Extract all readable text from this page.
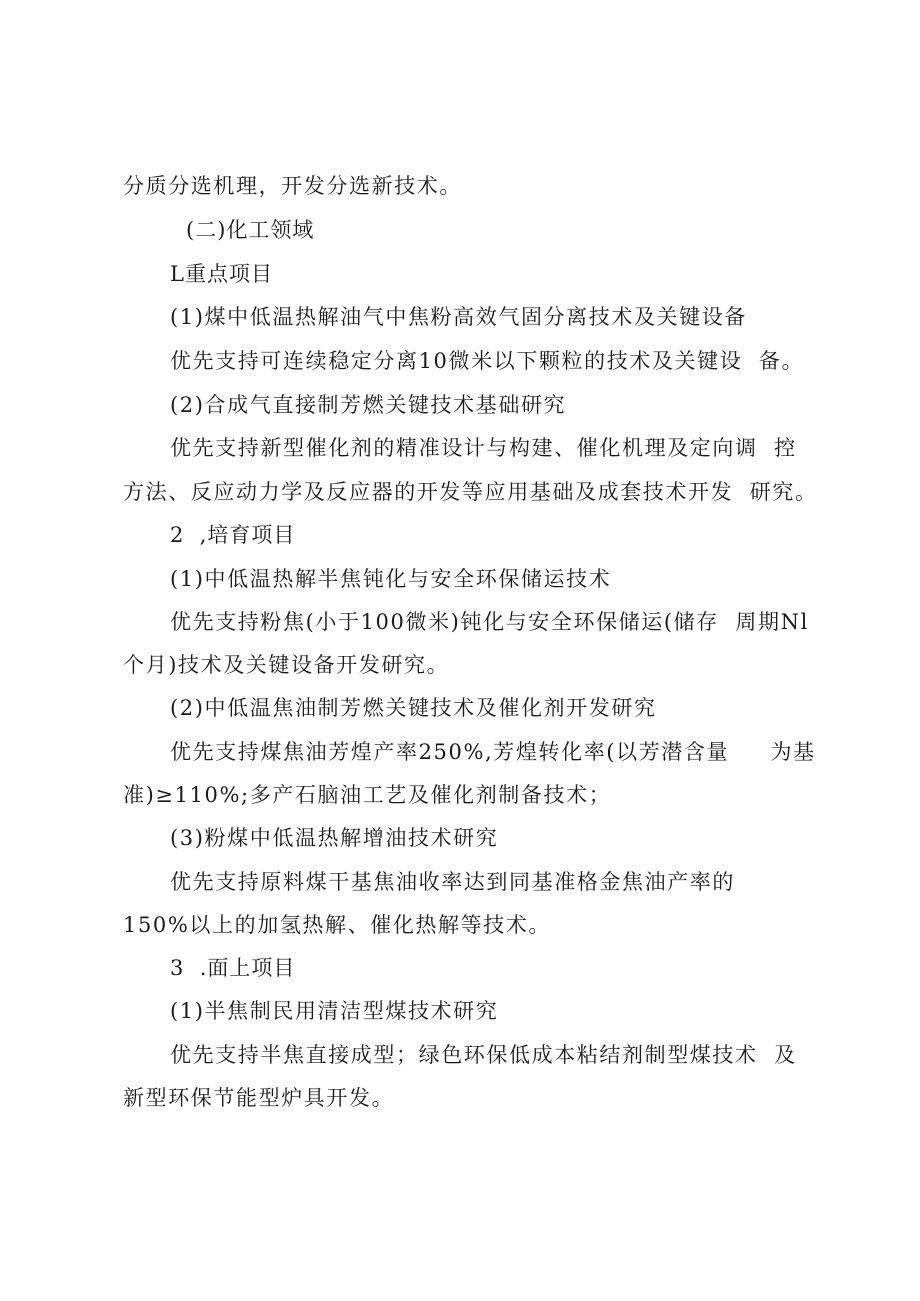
分质分选机理，开发分选新技术。
(二)化工领域
L重点项目
(1)煤中低温热解油气中焦粉高效气固分离技术及关键设备
优先支持可连续稳定分离10微米以下颗粒的技术及关键设  备。
(2)合成气直接制芳燃关键技术基础研究
优先支持新型催化剂的精准设计与构建、催化机理及定向调  控
方法、反应动力学及反应器的开发等应用基础及成套技术开发  研究。
2  ,培育项目
(1)中低温热解半焦钝化与安全环保储运技术
优先支持粉焦(小于100微米)钝化与安全环保储运(储存  周期Nl
个月)技术及关键设备开发研究。
(2)中低温焦油制芳燃关键技术及催化剂开发研究
优先支持煤焦油芳煌产率250%,芳煌转化率(以芳潜含量     为基
准)≥110%;多产石脑油工艺及催化剂制备技术；
(3)粉煤中低温热解增油技术研究
优先支持原料煤干基焦油收率达到同基准格金焦油产率的
150%以上的加氢热解、催化热解等技术。
3  .面上项目
(1)半焦制民用清洁型煤技术研究
优先支持半焦直接成型；绿色环保低成本粘结剂制型煤技术  及
新型环保节能型炉具开发。
